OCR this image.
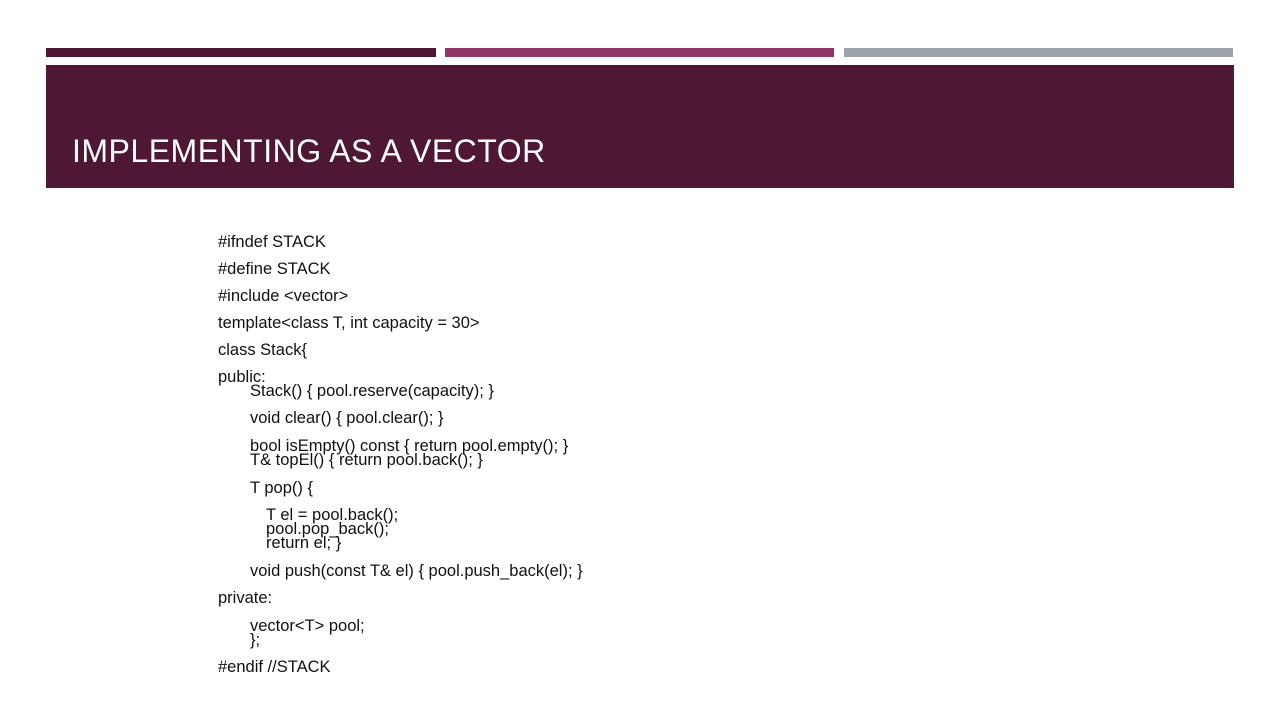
IMPLEMENTING AS A VECTOR

#ifndef STACK

#define STACK

#include <vector>

template<class T, int capacity = 30>

class Stack{

public:

Stack() { pool.reserve(capacity); }

void clear() { pool.clear(); }

bool isEmpty() const { return pool.empty(); }

T& topEl() { return pool.back(); }

T pop() {

T el = pool.back();

pool.pop_back();

return el; }

void push(const T& el) { pool.push_back(el); }

private:

vector<T> pool;

};

#endif //STACK
